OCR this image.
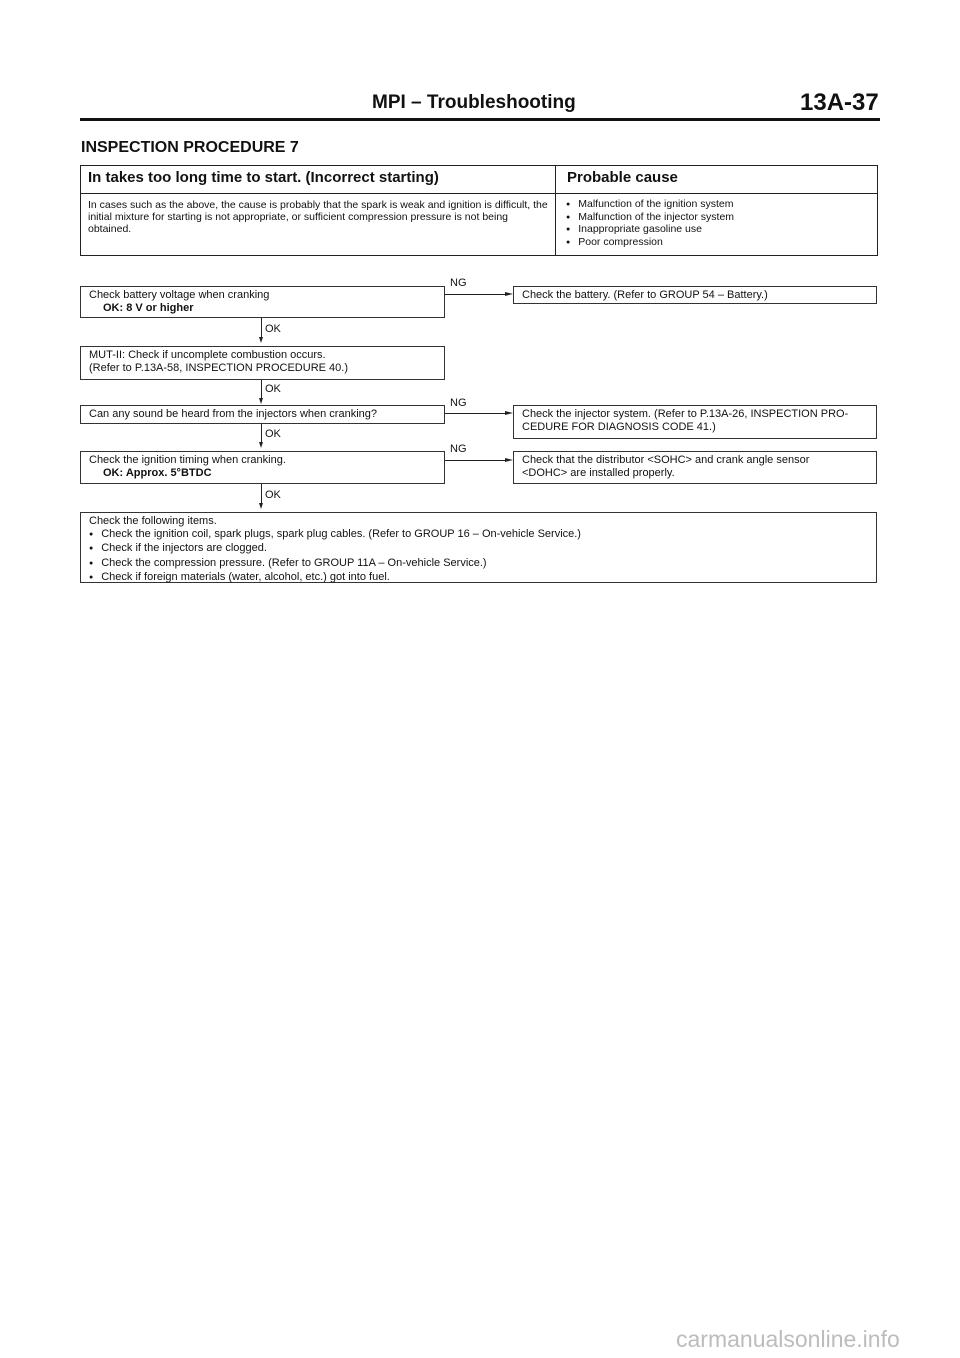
MPI – Troubleshooting	13A-37
INSPECTION PROCEDURE 7
In takes too long time to start. (Incorrect starting)	Probable cause
In cases such as the above, the cause is probably that the spark is weak and ignition is difficult, the initial mixture for starting is not appropriate, or sufficient compression pressure is not being obtained.
● Malfunction of the ignition system
● Malfunction of the injector system
● Inappropriate gasoline use
● Poor compression
Check battery voltage when cranking
OK: 8 V or higher
NG
Check the battery. (Refer to GROUP 54 – Battery.)
OK
MUT-II: Check if uncomplete combustion occurs.
(Refer to P.13A-58, INSPECTION PROCEDURE 40.)
OK
Can any sound be heard from the injectors when cranking?
NG
Check the injector system. (Refer to P.13A-26, INSPECTION PRO-
CEDURE FOR DIAGNOSIS CODE 41.)
OK
Check the ignition timing when cranking.
OK: Approx. 5°BTDC
NG
Check that the distributor <SOHC> and crank angle sensor
<DOHC> are installed properly.
OK
Check the following items.
● Check the ignition coil, spark plugs, spark plug cables. (Refer to GROUP 16 – On-vehicle Service.)
● Check if the injectors are clogged.
● Check the compression pressure. (Refer to GROUP 11A – On-vehicle Service.)
● Check if foreign materials (water, alcohol, etc.) got into fuel.
carmanualsonline.info
